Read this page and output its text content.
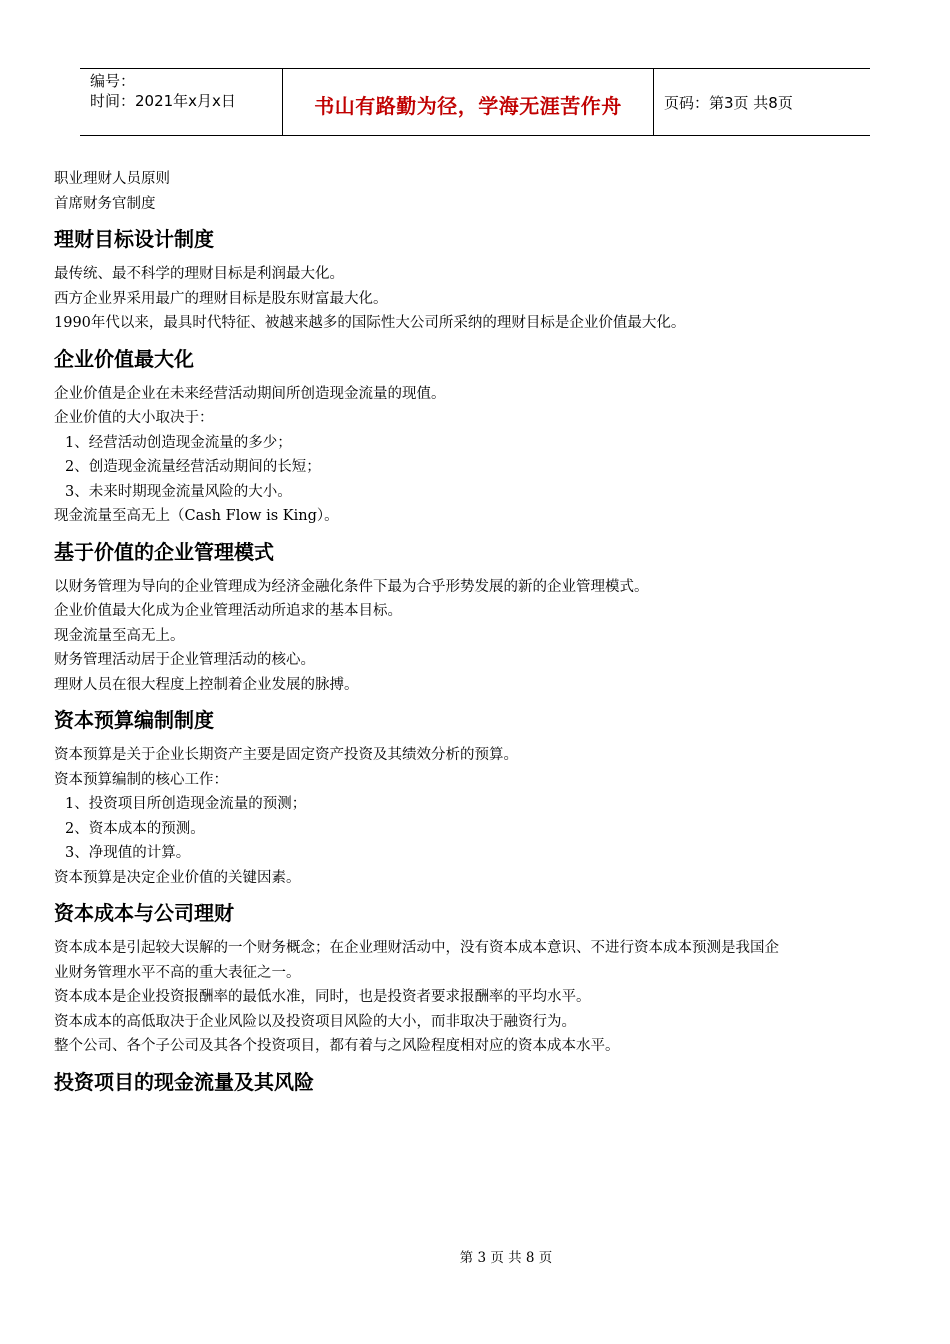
编号：
时间：2021年x月x日	书山有路勤为径，学海无涯苦作舟	页码：第3页 共8页

职业理财人员原则

首席财务官制度

理财目标设计制度

最传统、最不科学的理财目标是利润最大化。

西方企业界采用最广的理财目标是股东财富最大化。

1990年代以来，最具时代特征、被越来越多的国际性大公司所采纳的理财目标是企业价值最大化。

企业价值最大化

企业价值是企业在未来经营活动期间所创造现金流量的现值。

企业价值的大小取决于：

1、经营活动创造现金流量的多少；

2、创造现金流量经营活动期间的长短；

3、未来时期现金流量风险的大小。

现金流量至高无上（Cash Flow is King）。

基于价值的企业管理模式

以财务管理为导向的企业管理成为经济金融化条件下最为合乎形势发展的新的企业管理模式。

企业价值最大化成为企业管理活动所追求的基本目标。

现金流量至高无上。

财务管理活动居于企业管理活动的核心。

理财人员在很大程度上控制着企业发展的脉搏。

资本预算编制制度

资本预算是关于企业长期资产主要是固定资产投资及其绩效分析的预算。

资本预算编制的核心工作：

1、投资项目所创造现金流量的预测；

2、资本成本的预测。

3、净现值的计算。

资本预算是决定企业价值的关键因素。

资本成本与公司理财

资本成本是引起较大误解的一个财务概念；在企业理财活动中，没有资本成本意识、不进行资本成本预测是我国企

业财务管理水平不高的重大表征之一。

资本成本是企业投资报酬率的最低水准，同时，也是投资者要求报酬率的平均水平。

资本成本的高低取决于企业风险以及投资项目风险的大小，而非取决于融资行为。

整个公司、各个子公司及其各个投资项目，都有着与之风险程度相对应的资本成本水平。

投资项目的现金流量及其风险
第 3 页 共 8 页
